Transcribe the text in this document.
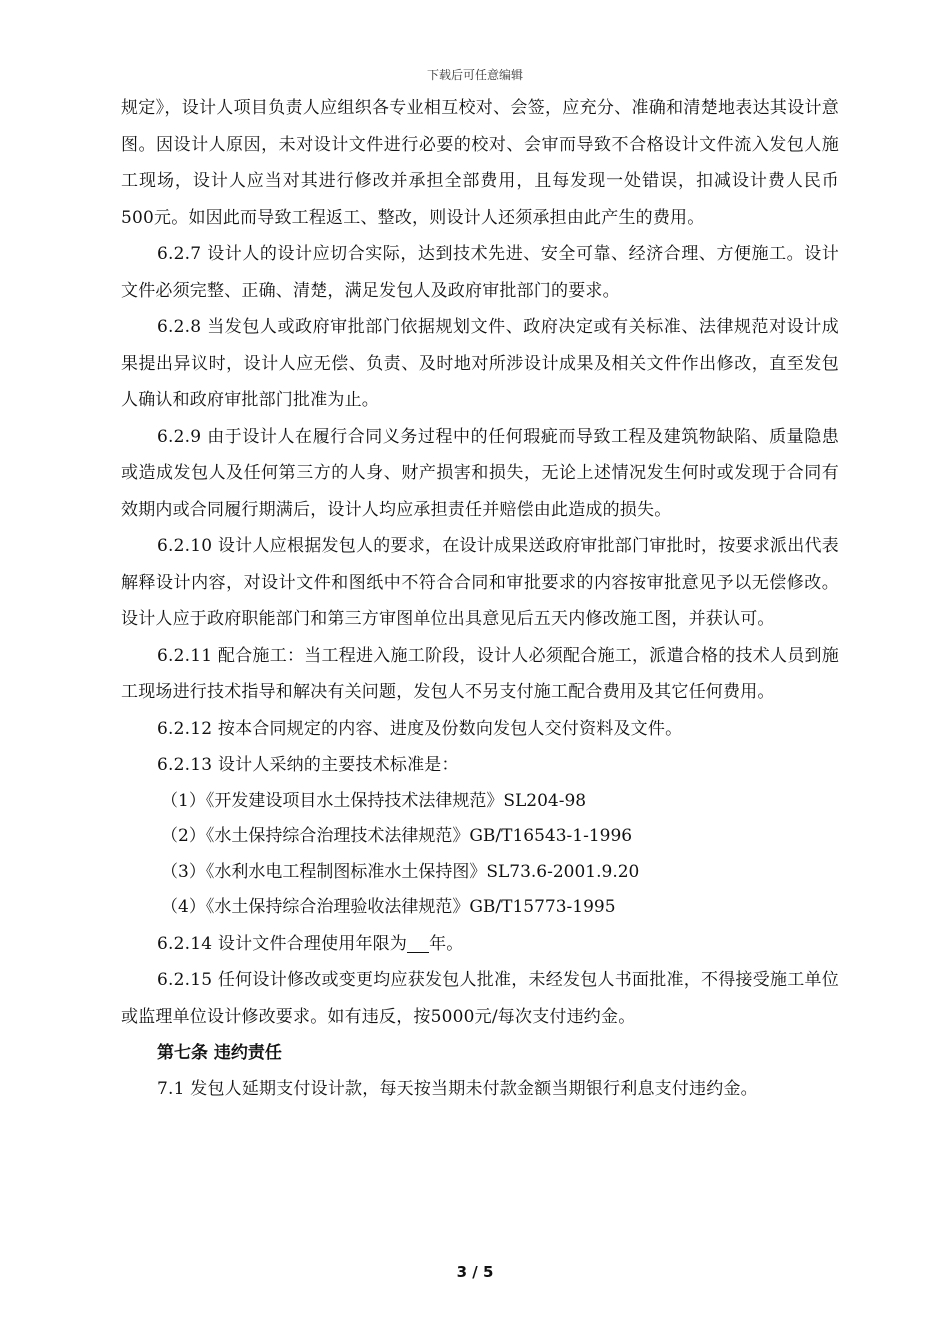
下载后可任意编辑

规定》，设计人项目负责人应组织各专业相互校对、会签，应充分、准确和清楚地表达其设计意图。因设计人原因，未对设计文件进行必要的校对、会审而导致不合格设计文件流入发包人施工现场，设计人应当对其进行修改并承担全部费用，且每发现一处错误，扣减设计费人民币500元。如因此而导致工程返工、整改，则设计人还须承担由此产生的费用。

6.2.7 设计人的设计应切合实际，达到技术先进、安全可靠、经济合理、方便施工。设计文件必须完整、正确、清楚，满足发包人及政府审批部门的要求。

6.2.8 当发包人或政府审批部门依据规划文件、政府决定或有关标准、法律规范对设计成果提出异议时，设计人应无偿、负责、及时地对所涉设计成果及相关文件作出修改，直至发包人确认和政府审批部门批准为止。

6.2.9 由于设计人在履行合同义务过程中的任何瑕疵而导致工程及建筑物缺陷、质量隐患或造成发包人及任何第三方的人身、财产损害和损失，无论上述情况发生何时或发现于合同有效期内或合同履行期满后，设计人均应承担责任并赔偿由此造成的损失。

6.2.10 设计人应根据发包人的要求，在设计成果送政府审批部门审批时，按要求派出代表解释设计内容，对设计文件和图纸中不符合合同和审批要求的内容按审批意见予以无偿修改。设计人应于政府职能部门和第三方审图单位出具意见后五天内修改施工图，并获认可。

6.2.11 配合施工：当工程进入施工阶段，设计人必须配合施工，派遣合格的技术人员到施工现场进行技术指导和解决有关问题，发包人不另支付施工配合费用及其它任何费用。

6.2.12 按本合同规定的内容、进度及份数向发包人交付资料及文件。

6.2.13 设计人采纳的主要技术标准是：

（1）《开发建设项目水土保持技术法律规范》SL204-98

（2）《水土保持综合治理技术法律规范》GB/T16543-1-1996

（3）《水利水电工程制图标准水土保持图》SL73.6-2001.9.20

（4）《水土保持综合治理验收法律规范》GB/T15773-1995

6.2.14 设计文件合理使用年限为 年。

6.2.15 任何设计修改或变更均应获发包人批准，未经发包人书面批准，不得接受施工单位或监理单位设计修改要求。如有违反，按5000元/每次支付违约金。

第七条 违约责任

7.1 发包人延期支付设计款，每天按当期未付款金额当期银行利息支付违约金。

3 / 5
